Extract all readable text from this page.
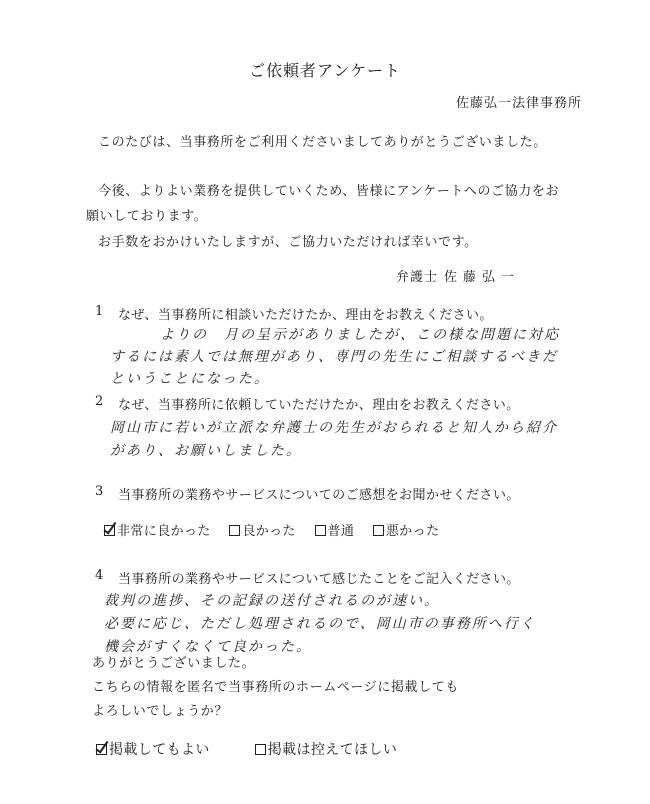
ご依頼者アンケート
佐藤弘一法律事務所
このたびは、当事務所をご利用くださいましてありがとうございました。
今後、よりよい業務を提供していくため、皆様にアンケートへのご協力をお
願いしております。
お手数をおかけいたしますが、ご協力いただければ幸いです。
弁護士 佐藤弘一
1 なぜ、当事務所に相談いただけたか、理由をお教えください。
よりの　月の呈示がありましたが、この様な問題に対応
するには素人では無理があり、専門の先生にご相談するべきだ
ということになった。
2 なぜ、当事務所に依頼していただけたか、理由をお教えください。
岡山市に若いが立派な弁護士の先生がおられると知人から紹介
があり、お願いしました。
3 当事務所の業務やサービスについてのご感想をお聞かせください。
非常に良かった 良かった 普通 悪かった
4 当事務所の業務やサービスについて感じたことをご記入ください。
裁判の進捗、その記録の送付されるのが速い。
必要に応じ、ただし処理されるので、岡山市の事務所へ行く
機会がすくなくて良かった。
ありがとうございました。
こちらの情報を匿名で当事務所のホームページに掲載しても
よろしいでしょうか？
掲載してもよい	掲載は控えてほしい
